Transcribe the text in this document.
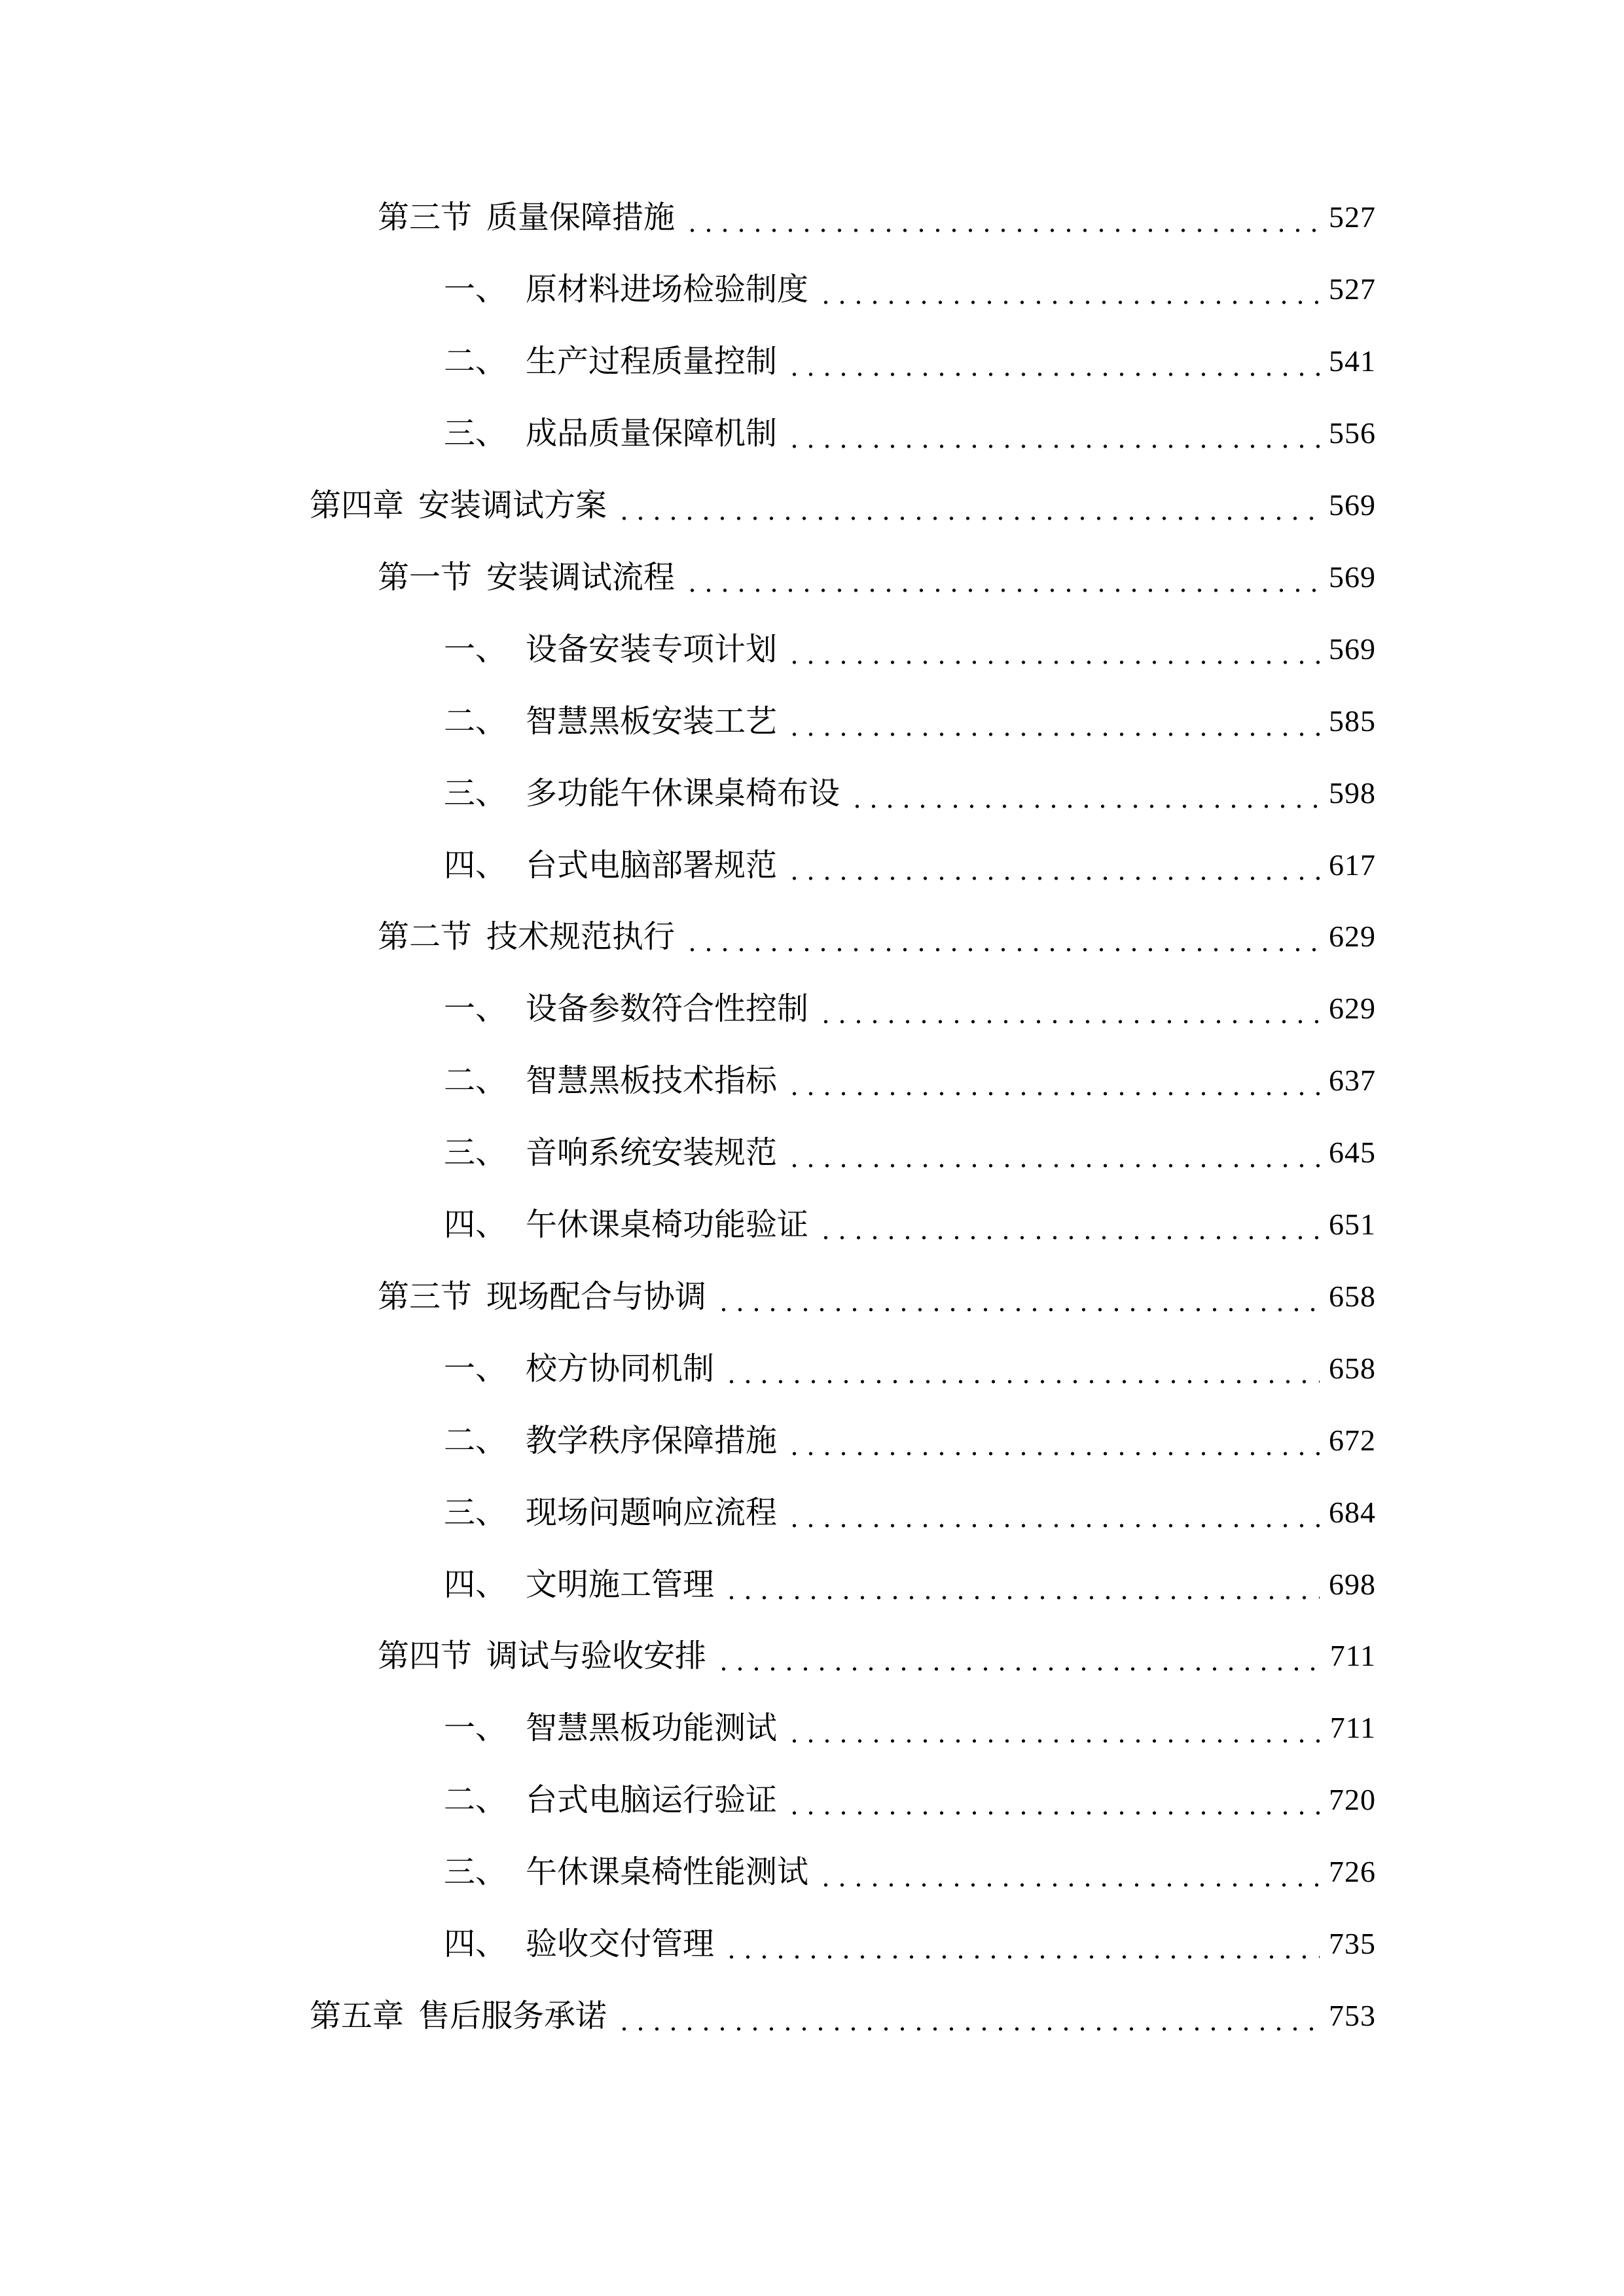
第三节 质量保障措施	527
一、 原材料进场检验制度	527
二、 生产过程质量控制	541
三、 成品质量保障机制	556
第四章 安装调试方案	569
第一节 安装调试流程	569
一、 设备安装专项计划	569
二、 智慧黑板安装工艺	585
三、 多功能午休课桌椅布设	598
四、 台式电脑部署规范	617
第二节 技术规范执行	629
一、 设备参数符合性控制	629
二、 智慧黑板技术指标	637
三、 音响系统安装规范	645
四、 午休课桌椅功能验证	651
第三节 现场配合与协调	658
一、 校方协同机制	658
二、 教学秩序保障措施	672
三、 现场问题响应流程	684
四、 文明施工管理	698
第四节 调试与验收安排	711
一、 智慧黑板功能测试	711
二、 台式电脑运行验证	720
三、 午休课桌椅性能测试	726
四、 验收交付管理	735
第五章 售后服务承诺	753
